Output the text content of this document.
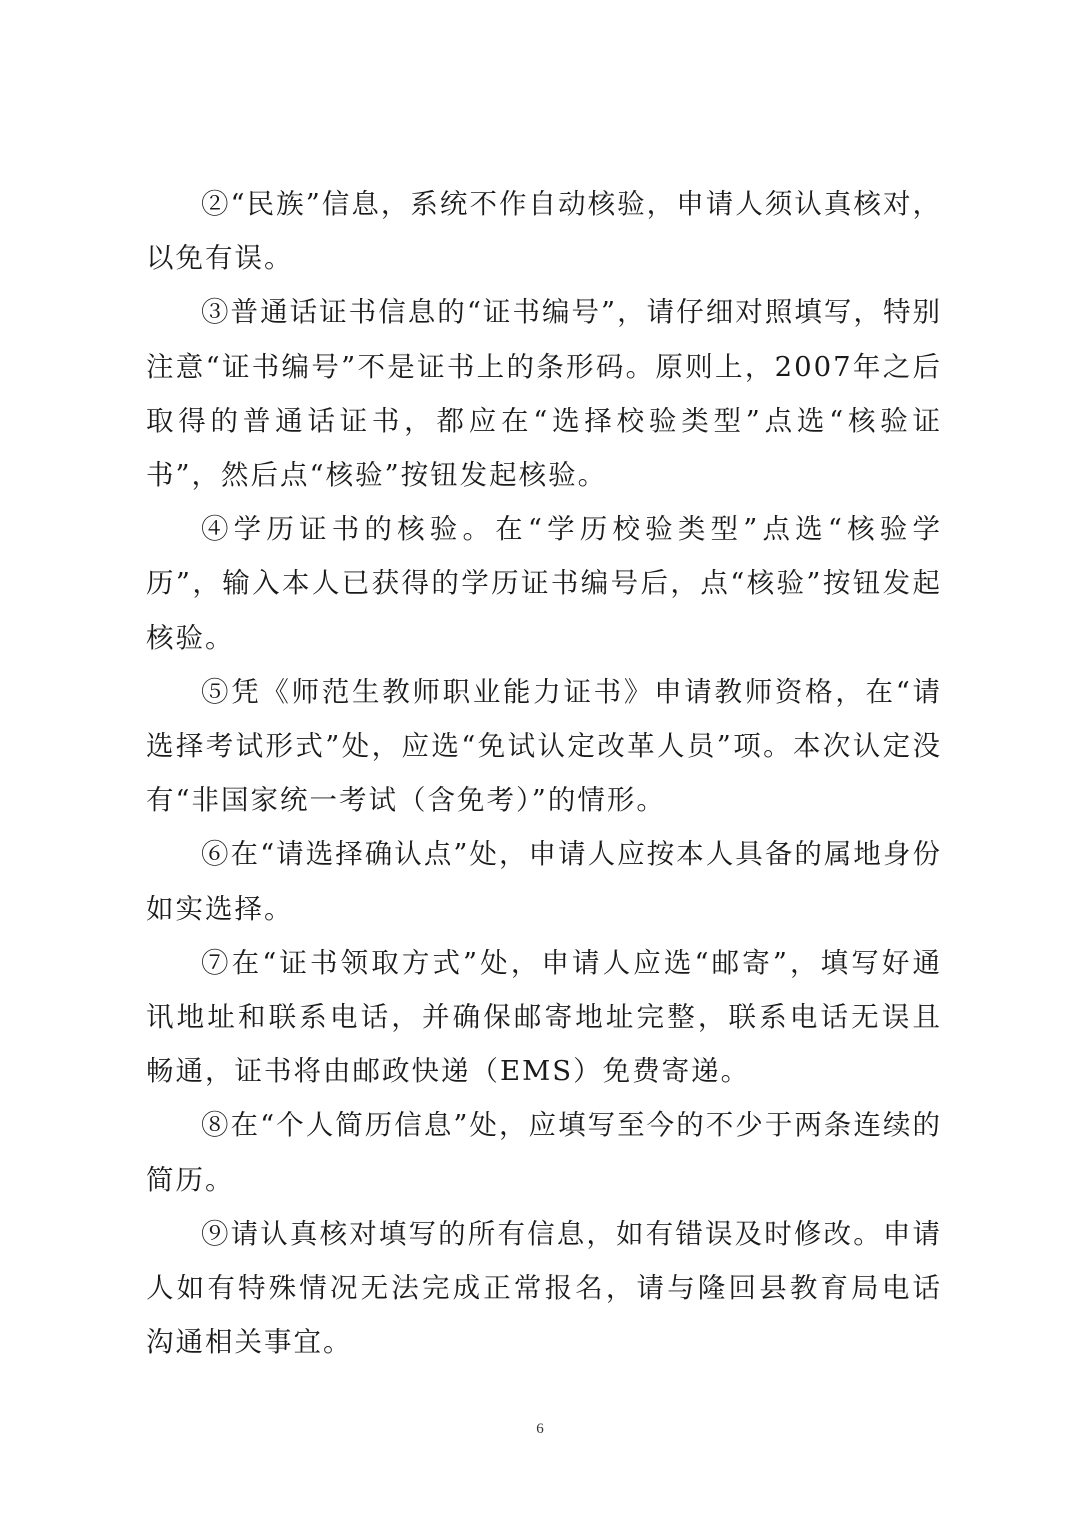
②“民族”信息，系统不作自动核验，申请人须认真核对，以免有误。

③普通话证书信息的“证书编号”，请仔细对照填写，特别注意“证书编号”不是证书上的条形码。原则上，2007年之后取得的普通话证书，都应在“选择校验类型”点选“核验证书”，然后点“核验”按钮发起核验。

④学历证书的核验。在“学历校验类型”点选“核验学历”，输入本人已获得的学历证书编号后，点“核验”按钮发起核验。

⑤凭《师范生教师职业能力证书》申请教师资格，在“请选择考试形式”处，应选“免试认定改革人员”项。本次认定没有“非国家统一考试（含免考）”的情形。

⑥在“请选择确认点”处，申请人应按本人具备的属地身份如实选择。

⑦在“证书领取方式”处，申请人应选“邮寄”，填写好通讯地址和联系电话，并确保邮寄地址完整，联系电话无误且畅通，证书将由邮政快递（EMS）免费寄递。

⑧在“个人简历信息”处，应填写至今的不少于两条连续的简历。

⑨请认真核对填写的所有信息，如有错误及时修改。申请人如有特殊情况无法完成正常报名，请与隆回县教育局电话沟通相关事宜。

6
